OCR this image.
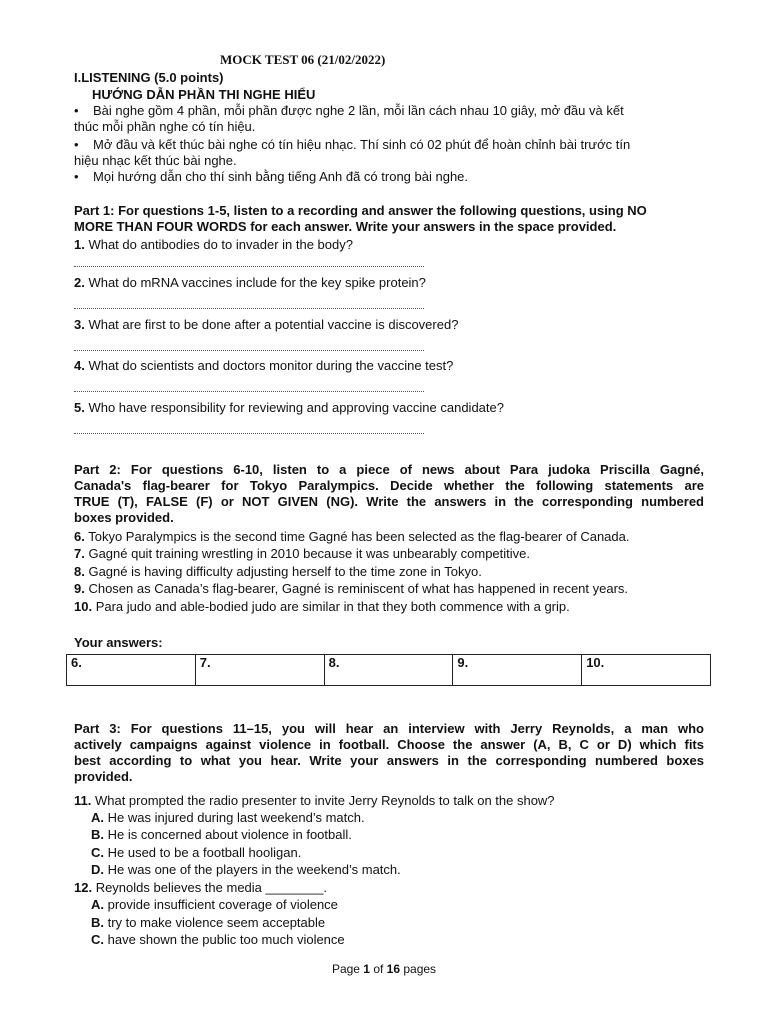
MOCK TEST 06 (21/02/2022)
I.LISTENING (5.0 points)
HƯỚNG DẪN PHẦN THI NGHE HIỂU
• Bài nghe gồm 4 phần, mỗi phần được nghe 2 lần, mỗi lần cách nhau 10 giây, mở đầu và kết
thúc mỗi phần nghe có tín hiệu.
• Mở đầu và kết thúc bài nghe có tín hiệu nhạc. Thí sinh có 02 phút để hoàn chỉnh bài trước tín
hiệu nhạc kết thúc bài nghe.
• Mọi hướng dẫn cho thí sinh bằng tiếng Anh đã có trong bài nghe.
Part 1: For questions 1-5, listen to a recording and answer the following questions, using NO
MORE THAN FOUR WORDS for each answer. Write your answers in the space provided.
1. What do antibodies do to invader in the body?
2. What do mRNA vaccines include for the key spike protein?
3. What are first to be done after a potential vaccine is discovered?
4. What do scientists and doctors monitor during the vaccine test?
5. Who have responsibility for reviewing and approving vaccine candidate?
Part 2: For questions 6-10, listen to a piece of news about Para judoka Priscilla Gagné,
Canada's flag-bearer for Tokyo Paralympics. Decide whether the following statements are
TRUE (T), FALSE (F) or NOT GIVEN (NG). Write the answers in the corresponding numbered
boxes provided.
6. Tokyo Paralympics is the second time Gagné has been selected as the flag-bearer of Canada.
7. Gagné quit training wrestling in 2010 because it was unbearably competitive.
8. Gagné is having difficulty adjusting herself to the time zone in Tokyo.
9. Chosen as Canada’s flag-bearer, Gagné is reminiscent of what has happened in recent years.
10. Para judo and able-bodied judo are similar in that they both commence with a grip.
Your answers:
6.	7.	8.	9.	10.
Part 3: For questions 11–15, you will hear an interview with Jerry Reynolds, a man who
actively campaigns against violence in football. Choose the answer (A, B, C or D) which fits
best according to what you hear. Write your answers in the corresponding numbered boxes
provided.
11. What prompted the radio presenter to invite Jerry Reynolds to talk on the show?
A. He was injured during last weekend’s match.
B. He is concerned about violence in football.
C. He used to be a football hooligan.
D. He was one of the players in the weekend’s match.
12. Reynolds believes the media ________.
A. provide insufficient coverage of violence
B. try to make violence seem acceptable
C. have shown the public too much violence
Page 1 of 16 pages
